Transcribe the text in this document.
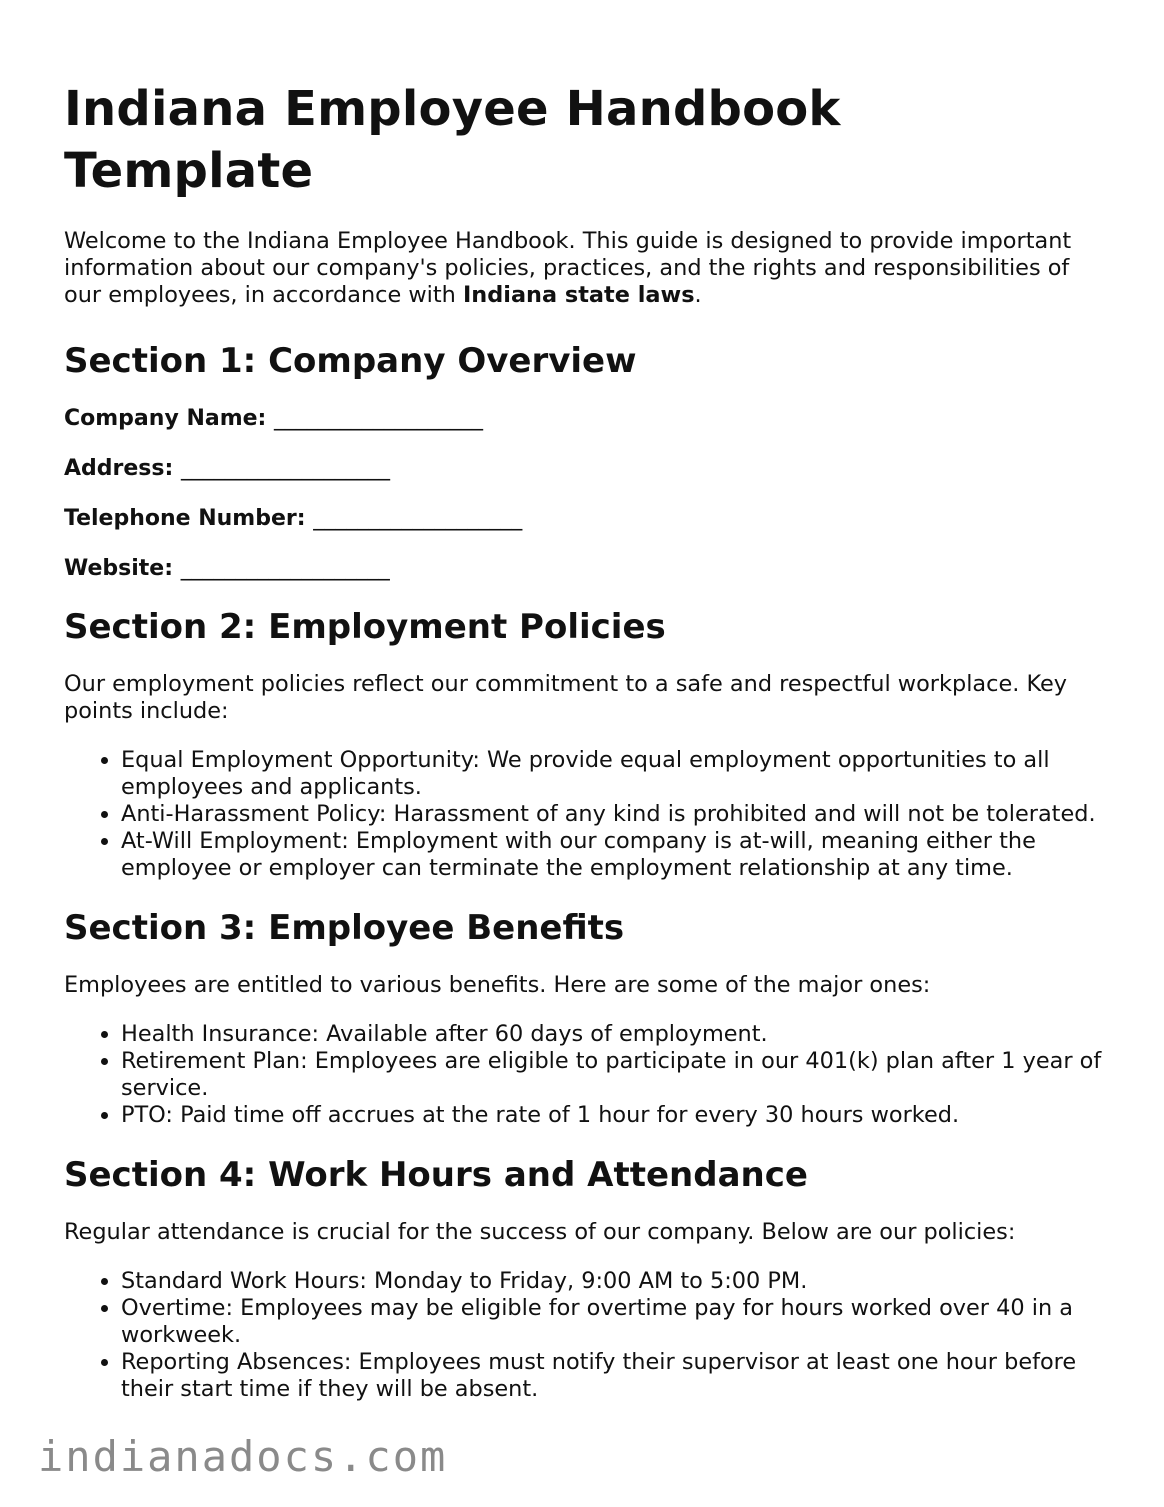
Indiana Employee Handbook Template

Welcome to the Indiana Employee Handbook. This guide is designed to provide important information about our company's policies, practices, and the rights and responsibilities of our employees, in accordance with Indiana state laws.

Section 1: Company Overview
Company Name: ___________________
Address: ___________________
Telephone Number: ___________________
Website: ___________________
Section 2: Employment Policies

Our employment policies reflect our commitment to a safe and respectful workplace. Key points include:

• Equal Employment Opportunity: We provide equal employment opportunities to all employees and applicants.
• Anti-Harassment Policy: Harassment of any kind is prohibited and will not be tolerated.
• At-Will Employment: Employment with our company is at-will, meaning either the employee or employer can terminate the employment relationship at any time.
Section 3: Employee Benefits

Employees are entitled to various benefits. Here are some of the major ones:

• Health Insurance: Available after 60 days of employment.
• Retirement Plan: Employees are eligible to participate in our 401(k) plan after 1 year of service.
• PTO: Paid time off accrues at the rate of 1 hour for every 30 hours worked.
Section 4: Work Hours and Attendance

Regular attendance is crucial for the success of our company. Below are our policies:

• Standard Work Hours: Monday to Friday, 9:00 AM to 5:00 PM.
• Overtime: Employees may be eligible for overtime pay for hours worked over 40 in a workweek.
• Reporting Absences: Employees must notify their supervisor at least one hour before their start time if they will be absent.
indianadocs.com
